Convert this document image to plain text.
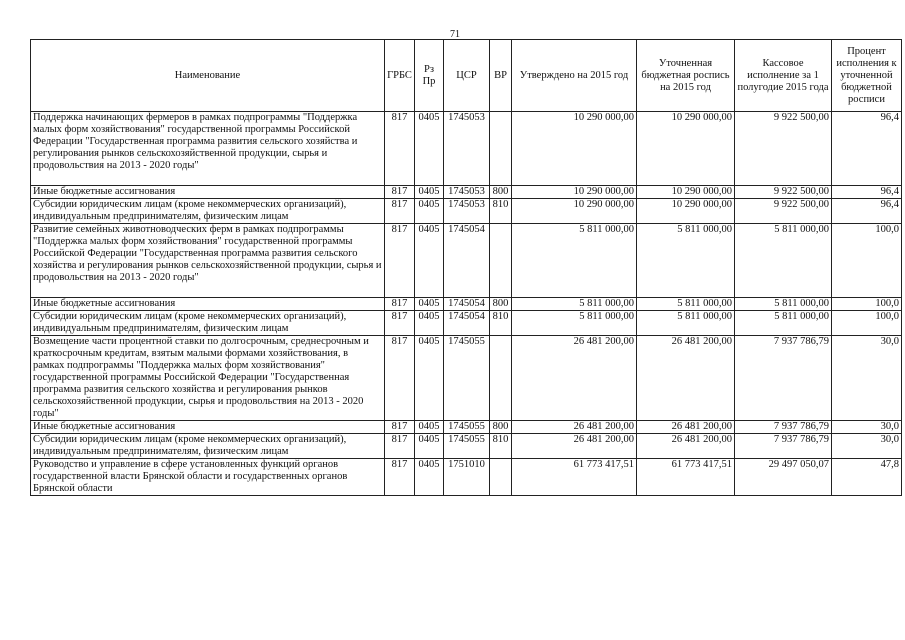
71
Наименование	ГРБС	Рз Пр	ЦСР	ВР	Утверждено на 2015 год	Уточненная бюджетная роспись на 2015 год	Кассовое исполнение за 1 полугодие 2015 года	Процент исполнения к уточненной бюджетной росписи
Поддержка начинающих фермеров в рамках подпрограммы "Поддержка малых форм хозяйствования" государственной программы Российской Федерации "Государственная программа развития сельского хозяйства и регулирования рынков сельскохозяйственной продукции, сырья и продовольствия на 2013 - 2020 годы"	817	0405	1745053		10 290 000,00	10 290 000,00	9 922 500,00	96,4
Иные бюджетные ассигнования	817	0405	1745053	800	10 290 000,00	10 290 000,00	9 922 500,00	96,4
Субсидии юридическим лицам (кроме некоммерческих организаций), индивидуальным предпринимателям, физическим лицам	817	0405	1745053	810	10 290 000,00	10 290 000,00	9 922 500,00	96,4
Развитие семейных животноводческих ферм в рамках подпрограммы "Поддержка малых форм хозяйствования" государственной программы Российской Федерации "Государственная программа развития сельского хозяйства и регулирования рынков сельскохозяйственной продукции, сырья и продовольствия на 2013 - 2020 годы"	817	0405	1745054		5 811 000,00	5 811 000,00	5 811 000,00	100,0
Иные бюджетные ассигнования	817	0405	1745054	800	5 811 000,00	5 811 000,00	5 811 000,00	100,0
Субсидии юридическим лицам (кроме некоммерческих организаций), индивидуальным предпринимателям, физическим лицам	817	0405	1745054	810	5 811 000,00	5 811 000,00	5 811 000,00	100,0
Возмещение части процентной ставки по долгосрочным, среднесрочным и краткосрочным кредитам, взятым малыми формами хозяйствования, в рамках подпрограммы "Поддержка малых форм хозяйствования" государственной программы Российской Федерации "Государственная программа развития сельского хозяйства и регулирования рынков сельскохозяйственной продукции, сырья и продовольствия на 2013 - 2020 годы"	817	0405	1745055		26 481 200,00	26 481 200,00	7 937 786,79	30,0
Иные бюджетные ассигнования	817	0405	1745055	800	26 481 200,00	26 481 200,00	7 937 786,79	30,0
Субсидии юридическим лицам (кроме некоммерческих организаций), индивидуальным предпринимателям, физическим лицам	817	0405	1745055	810	26 481 200,00	26 481 200,00	7 937 786,79	30,0
Руководство и управление в сфере установленных функций органов государственной власти Брянской области и государственных органов Брянской области	817	0405	1751010		61 773 417,51	61 773 417,51	29 497 050,07	47,8
